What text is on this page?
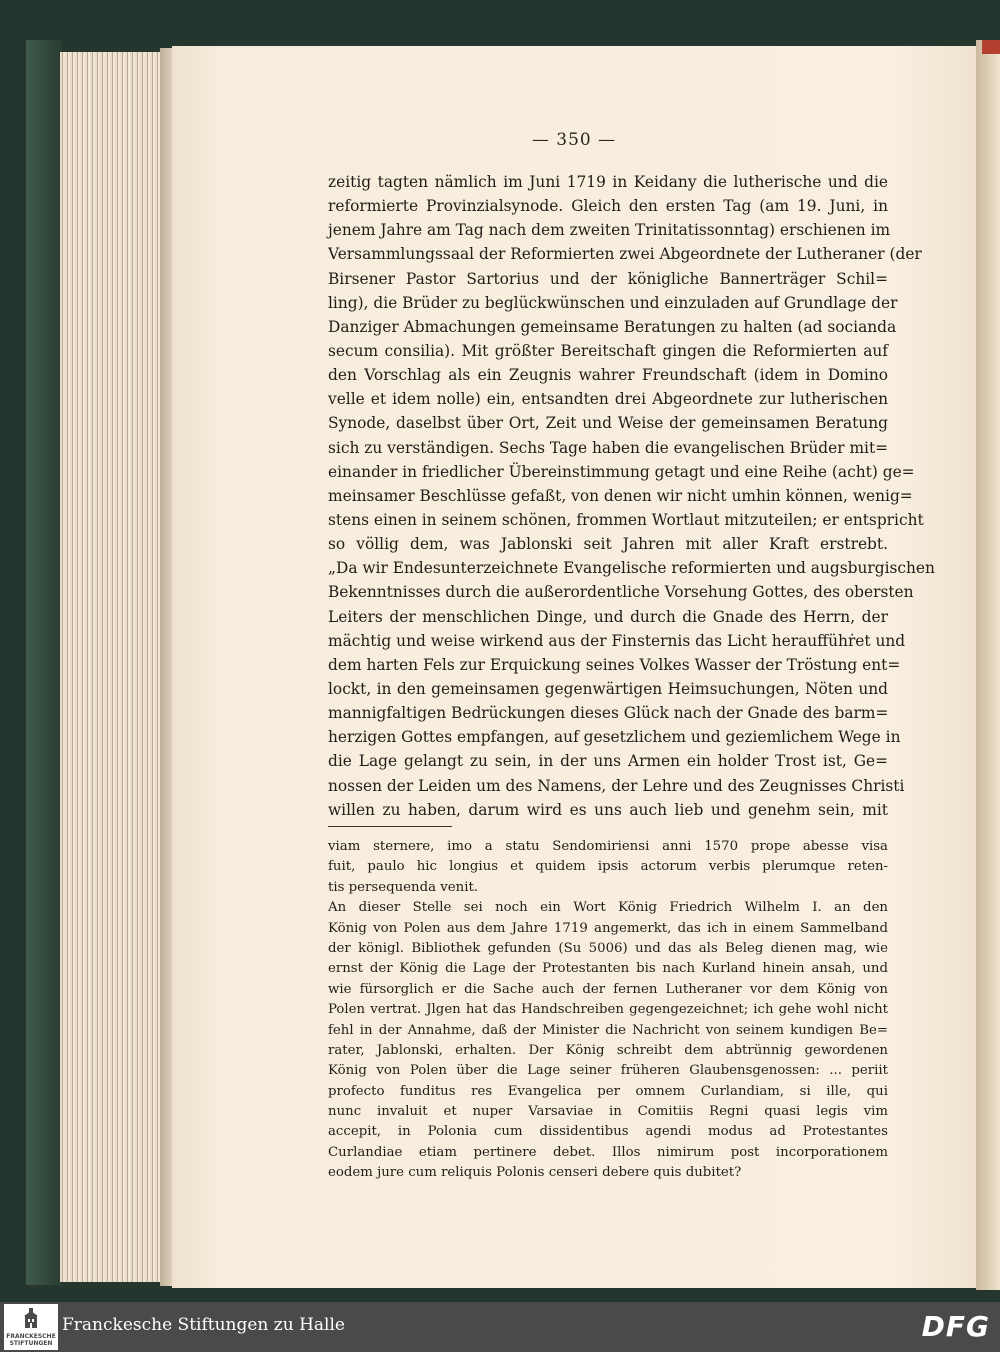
— 350 —
zeitig tagten nämlich im Juni 1719 in Keidany die lutherische und die
reformierte Provinzialsynode. Gleich den ersten Tag (am 19. Juni, in
jenem Jahre am Tag nach dem zweiten Trinitatissonntag) erschienen im
Versammlungssaal der Reformierten zwei Abgeordnete der Lutheraner (der
Birsener Pastor Sartorius und der königliche Bannerträger Schil=
ling), die Brüder zu beglückwünschen und einzuladen auf Grundlage der
Danziger Abmachungen gemeinsame Beratungen zu halten (ad socianda
secum consilia). Mit größter Bereitschaft gingen die Reformierten auf
den Vorschlag als ein Zeugnis wahrer Freundschaft (idem in Domino
velle et idem nolle) ein, entsandten drei Abgeordnete zur lutherischen
Synode, daselbst über Ort, Zeit und Weise der gemeinsamen Beratung
sich zu verständigen. Sechs Tage haben die evangelischen Brüder mit=
einander in friedlicher Übereinstimmung getagt und eine Reihe (acht) ge=
meinsamer Beschlüsse gefaßt, von denen wir nicht umhin können, wenig=
stens einen in seinem schönen, frommen Wortlaut mitzuteilen; er entspricht
so völlig dem, was Jablonski seit Jahren mit aller Kraft erstrebt.
„Da wir Endesunterzeichnete Evangelische reformierten und augsburgischen
Bekenntnisses durch die außerordentliche Vorsehung Gottes, des obersten
Leiters der menschlichen Dinge, und durch die Gnade des Herrn, der
mächtig und weise wirkend aus der Finsternis das Licht herauffühṙet und
dem harten Fels zur Erquickung seines Volkes Wasser der Tröstung ent=
lockt, in den gemeinsamen gegenwärtigen Heimsuchungen, Nöten und
mannigfaltigen Bedrückungen dieses Glück nach der Gnade des barm=
herzigen Gottes empfangen, auf gesetzlichem und geziemlichem Wege in
die Lage gelangt zu sein, in der uns Armen ein holder Trost ist, Ge=
nossen der Leiden um des Namens, der Lehre und des Zeugnisses Christi
willen zu haben, darum wird es uns auch lieb und genehm sein, mit
viam sternere, imo a statu Sendomiriensi anni 1570 prope abesse visa
fuit, paulo hic longius et quidem ipsis actorum verbis plerumque reten-
tis persequenda venit.
An dieser Stelle sei noch ein Wort König Friedrich Wilhelm I. an den
König von Polen aus dem Jahre 1719 angemerkt, das ich in einem Sammelband
der königl. Bibliothek gefunden (Su 5006) und das als Beleg dienen mag, wie
ernst der König die Lage der Protestanten bis nach Kurland hinein ansah, und
wie fürsorglich er die Sache auch der fernen Lutheraner vor dem König von
Polen vertrat. Jlgen hat das Handschreiben gegengezeichnet; ich gehe wohl nicht
fehl in der Annahme, daß der Minister die Nachricht von seinem kundigen Be=
rater, Jablonski, erhalten. Der König schreibt dem abtrünnig gewordenen
König von Polen über die Lage seiner früheren Glaubensgenossen: ... periit
profecto funditus res Evangelica per omnem Curlandiam, si ille, qui
nunc invaluit et nuper Varsaviae in Comitiis Regni quasi legis vim
accepit, in Polonia cum dissidentibus agendi modus ad Protestantes
Curlandiae etiam pertinere debet. Illos nimirum post incorporationem
eodem jure cum reliquis Polonis censeri debere quis dubitet?
FRANCKESCHE
STIFTUNGEN
Franckesche Stiftungen zu Halle	DFG
